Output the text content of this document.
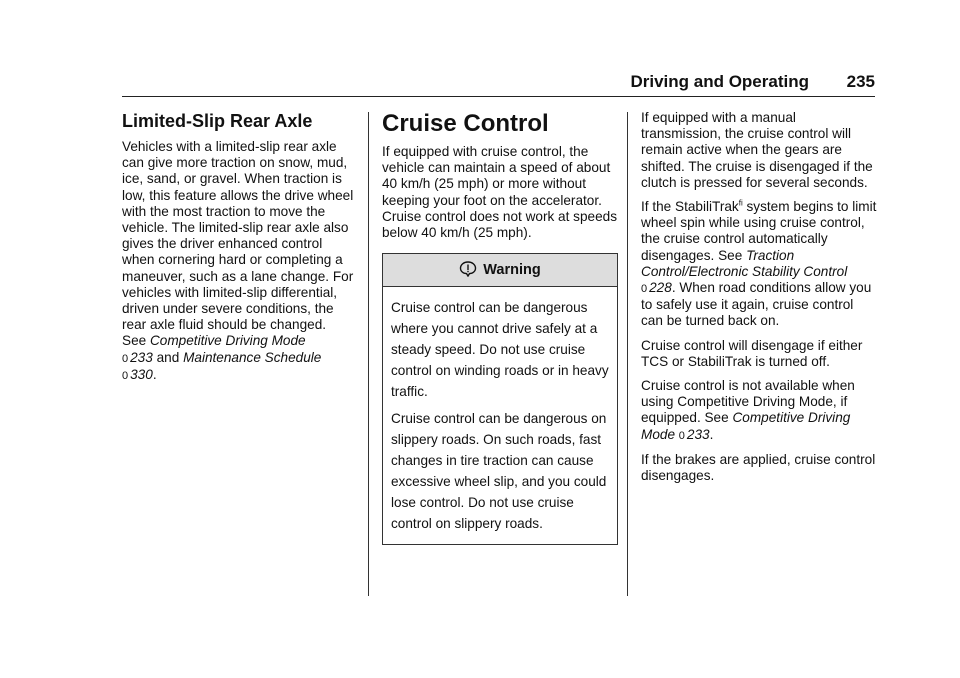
Driving and Operating 235
Limited-Slip Rear Axle

Vehicles with a limited-slip rear axle can give more traction on snow, mud, ice, sand, or gravel. When traction is low, this feature allows the drive wheel with the most traction to move the vehicle. The limited-slip rear axle also gives the driver enhanced control when cornering hard or completing a maneuver, such as a lane change. For vehicles with limited-slip differential, driven under severe conditions, the rear axle fluid should be changed.
See Competitive Driving Mode
0 233 and Maintenance Schedule
0 330.

Cruise Control

If equipped with cruise control, the vehicle can maintain a speed of about 40 km/h (25 mph) or more without keeping your foot on the accelerator. Cruise control does not work at speeds below 40 km/h (25 mph).

Warning

Cruise control can be dangerous where you cannot drive safely at a steady speed. Do not use cruise control on winding roads or in heavy traffic.

Cruise control can be dangerous on slippery roads. On such roads, fast changes in tire traction can cause excessive wheel slip, and you could lose control. Do not use cruise control on slippery roads.

If equipped with a manual transmission, the cruise control will remain active when the gears are shifted. The cruise is disengaged if the clutch is pressed for several seconds.

If the StabiliTrak$^{fi}$ system begins to limit wheel spin while using cruise control, the cruise control automatically disengages. See Traction Control/Electronic Stability Control 0 228. When road conditions allow you to safely use it again, cruise control can be turned back on.

Cruise control will disengage if either TCS or StabiliTrak is turned off.

Cruise control is not available when using Competitive Driving Mode, if equipped. See Competitive Driving Mode 0 233.

If the brakes are applied, cruise control disengages.
